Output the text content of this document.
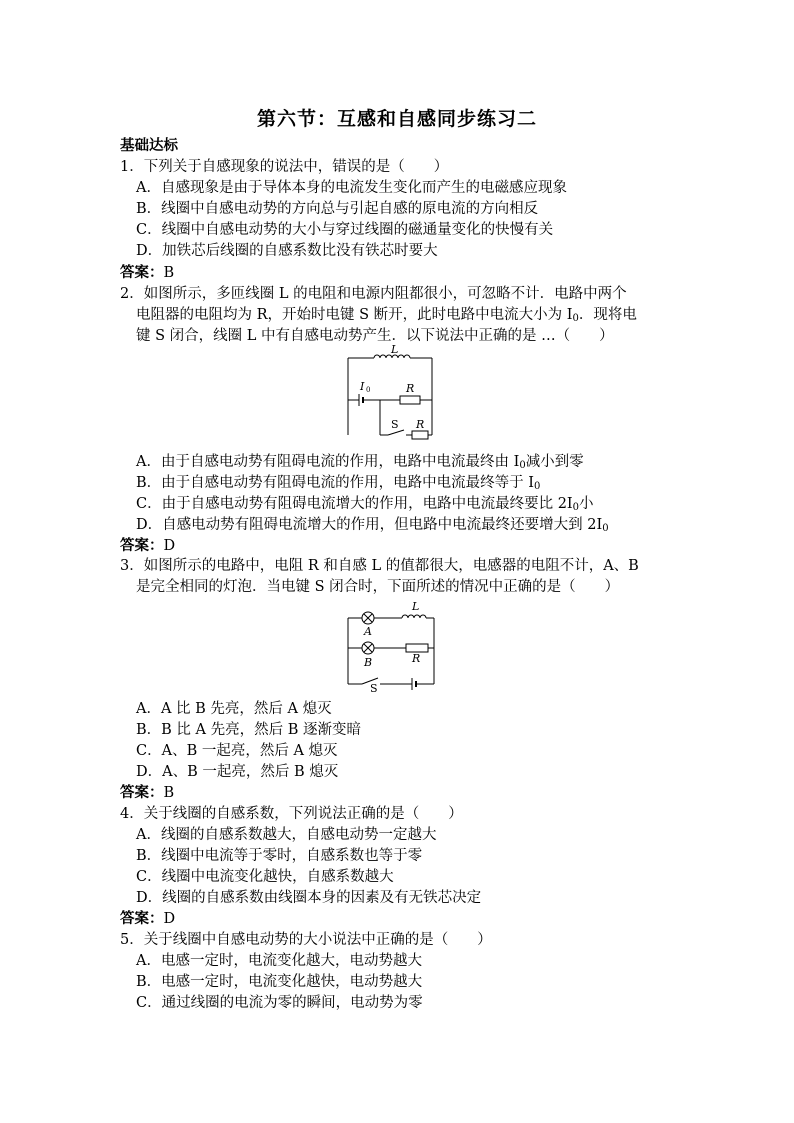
第六节：互感和自感同步练习二
基础达标
1．下列关于自感现象的说法中，错误的是（　　）
A．自感现象是由于导体本身的电流发生变化而产生的电磁感应现象
B．线圈中自感电动势的方向总与引起自感的原电流的方向相反
C．线圈中自感电动势的大小与穿过线圈的磁通量变化的快慢有关
D．加铁芯后线圈的自感系数比没有铁芯时要大
答案：B
2．如图所示，多匝线圈 L 的电阻和电源内阻都很小，可忽略不计．电路中两个
电阻器的电阻均为 R，开始时电键 S 断开，此时电路中电流大小为 $I_0$．现将电
键 S 闭合，线圈 L 中有自感电动势产生．以下说法中正确的是 …（　　）
L
I 0	R
S R
A．由于自感电动势有阻碍电流的作用，电路中电流最终由 $I_0$减小到零
B．由于自感电动势有阻碍电流的作用，电路中电流最终等于 $I_0$
C．由于自感电动势有阻碍电流增大的作用，电路中电流最终要比 $2I_0$小
D．自感电动势有阻碍电流增大的作用，但电路中电流最终还要增大到 $2I_0$
答案：D
3．如图所示的电路中，电阻 R 和自感 L 的值都很大，电感器的电阻不计，A、B
是完全相同的灯泡．当电键 S 闭合时，下面所述的情况中正确的是（　　）
L
A
B	R
S
A．A 比 B 先亮，然后 A 熄灭
B．B 比 A 先亮，然后 B 逐渐变暗
C．A、B 一起亮，然后 A 熄灭
D．A、B 一起亮，然后 B 熄灭
答案：B
4．关于线圈的自感系数，下列说法正确的是（　　）
A．线圈的自感系数越大，自感电动势一定越大
B．线圈中电流等于零时，自感系数也等于零
C．线圈中电流变化越快，自感系数越大
D．线圈的自感系数由线圈本身的因素及有无铁芯决定
答案：D
5．关于线圈中自感电动势的大小说法中正确的是（　　）
A．电感一定时，电流变化越大，电动势越大
B．电感一定时，电流变化越快，电动势越大
C．通过线圈的电流为零的瞬间，电动势为零
